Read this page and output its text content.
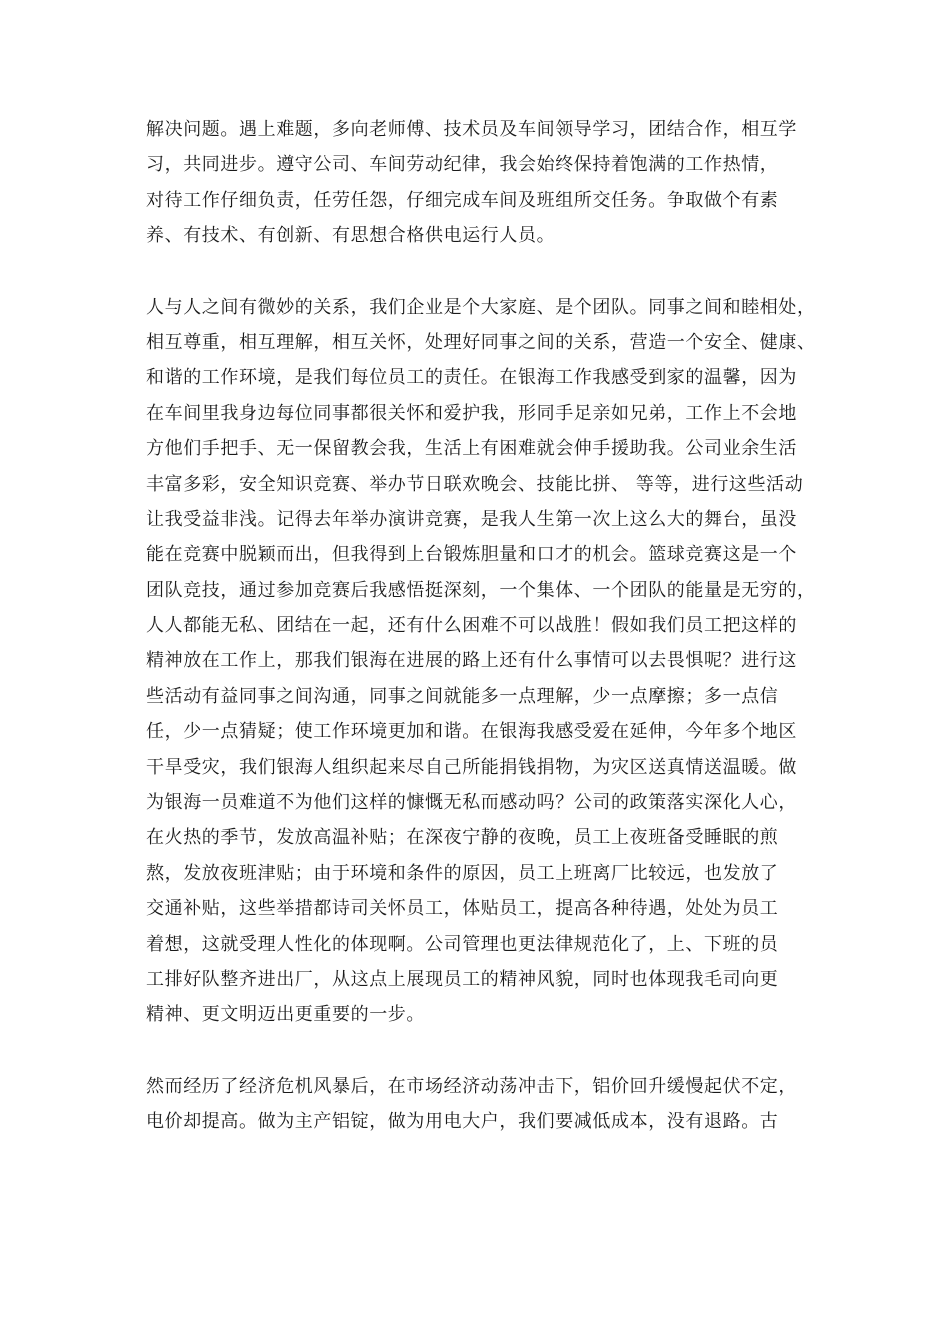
解决问题。遇上难题，多向老师傅、技术员及车间领导学习，团结合作，相互学
习，共同进步。遵守公司、车间劳动纪律，我会始终保持着饱满的工作热情，
对待工作仔细负责，任劳任怨，仔细完成车间及班组所交任务。争取做个有素
养、有技术、有创新、有思想合格供电运行人员。
人与人之间有微妙的关系，我们企业是个大家庭、是个团队。同事之间和睦相处，
相互尊重，相互理解，相互关怀，处理好同事之间的关系，营造一个安全、健康、
和谐的工作环境，是我们每位员工的责任。在银海工作我感受到家的温馨，因为
在车间里我身边每位同事都很关怀和爱护我，形同手足亲如兄弟，工作上不会地
方他们手把手、无一保留教会我，生活上有困难就会伸手援助我。公司业余生活
丰富多彩，安全知识竞赛、举办节日联欢晚会、技能比拼、 等等，进行这些活动
让我受益非浅。记得去年举办演讲竞赛，是我人生第一次上这么大的舞台，虽没
能在竞赛中脱颖而出，但我得到上台锻炼胆量和口才的机会。篮球竞赛这是一个
团队竞技，通过参加竞赛后我感悟挺深刻，一个集体、一个团队的能量是无穷的，
人人都能无私、团结在一起，还有什么困难不可以战胜！假如我们员工把这样的
精神放在工作上，那我们银海在进展的路上还有什么事情可以去畏惧呢？进行这
些活动有益同事之间沟通，同事之间就能多一点理解，少一点摩擦；多一点信
任，少一点猜疑；使工作环境更加和谐。在银海我感受爱在延伸，今年多个地区
干旱受灾，我们银海人组织起来尽自己所能捐钱捐物，为灾区送真情送温暖。做
为银海一员难道不为他们这样的慷慨无私而感动吗？公司的政策落实深化人心，
在火热的季节，发放高温补贴；在深夜宁静的夜晚，员工上夜班备受睡眠的煎
熬，发放夜班津贴；由于环境和条件的原因，员工上班离厂比较远，也发放了
交通补贴，这些举措都诗司关怀员工，体贴员工，提高各种待遇，处处为员工
着想，这就受理人性化的体现啊。公司管理也更法律规范化了，上、下班的员
工排好队整齐进出厂，从这点上展现员工的精神风貌，同时也体现我毛司向更
精神、更文明迈出更重要的一步。
然而经历了经济危机风暴后，在市场经济动荡冲击下，铝价回升缓慢起伏不定，
电价却提高。做为主产铝锭，做为用电大户，我们要减低成本，没有退路。古
